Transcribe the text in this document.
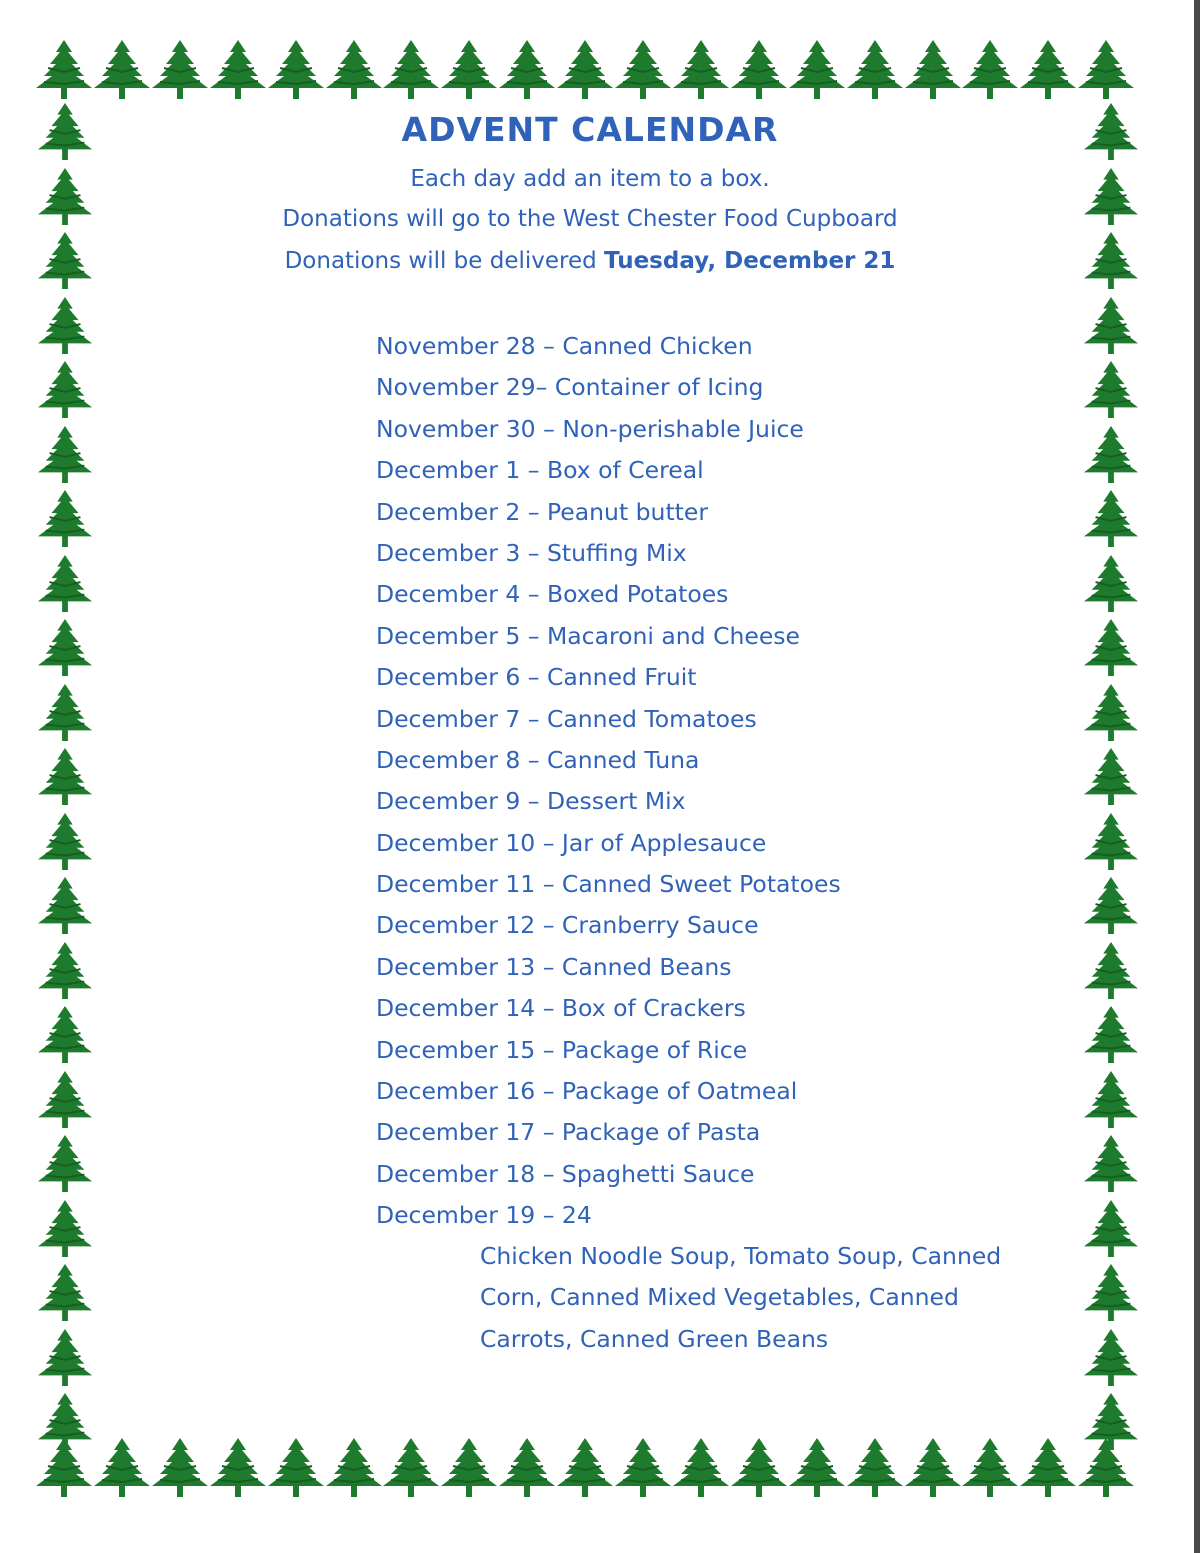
ADVENT CALENDAR
Each day add an item to a box.
Donations will go to the West Chester Food Cupboard
Donations will be delivered Tuesday, December 21
November 28 – Canned Chicken
November 29– Container of Icing
November 30 – Non-perishable Juice
December 1 – Box of Cereal
December 2 – Peanut butter
December 3 – Stuffing Mix
December 4 – Boxed Potatoes
December 5 – Macaroni and Cheese
December 6 – Canned Fruit
December 7 – Canned Tomatoes
December 8 – Canned Tuna
December 9 – Dessert Mix
December 10 – Jar of Applesauce
December 11 – Canned Sweet Potatoes
December 12 – Cranberry Sauce
December 13 – Canned Beans
December 14 – Box of Crackers
December 15 – Package of Rice
December 16 – Package of Oatmeal
December 17 – Package of Pasta
December 18 – Spaghetti Sauce
December 19 – 24
Chicken Noodle Soup, Tomato Soup, Canned
Corn, Canned Mixed Vegetables, Canned
Carrots, Canned Green Beans
